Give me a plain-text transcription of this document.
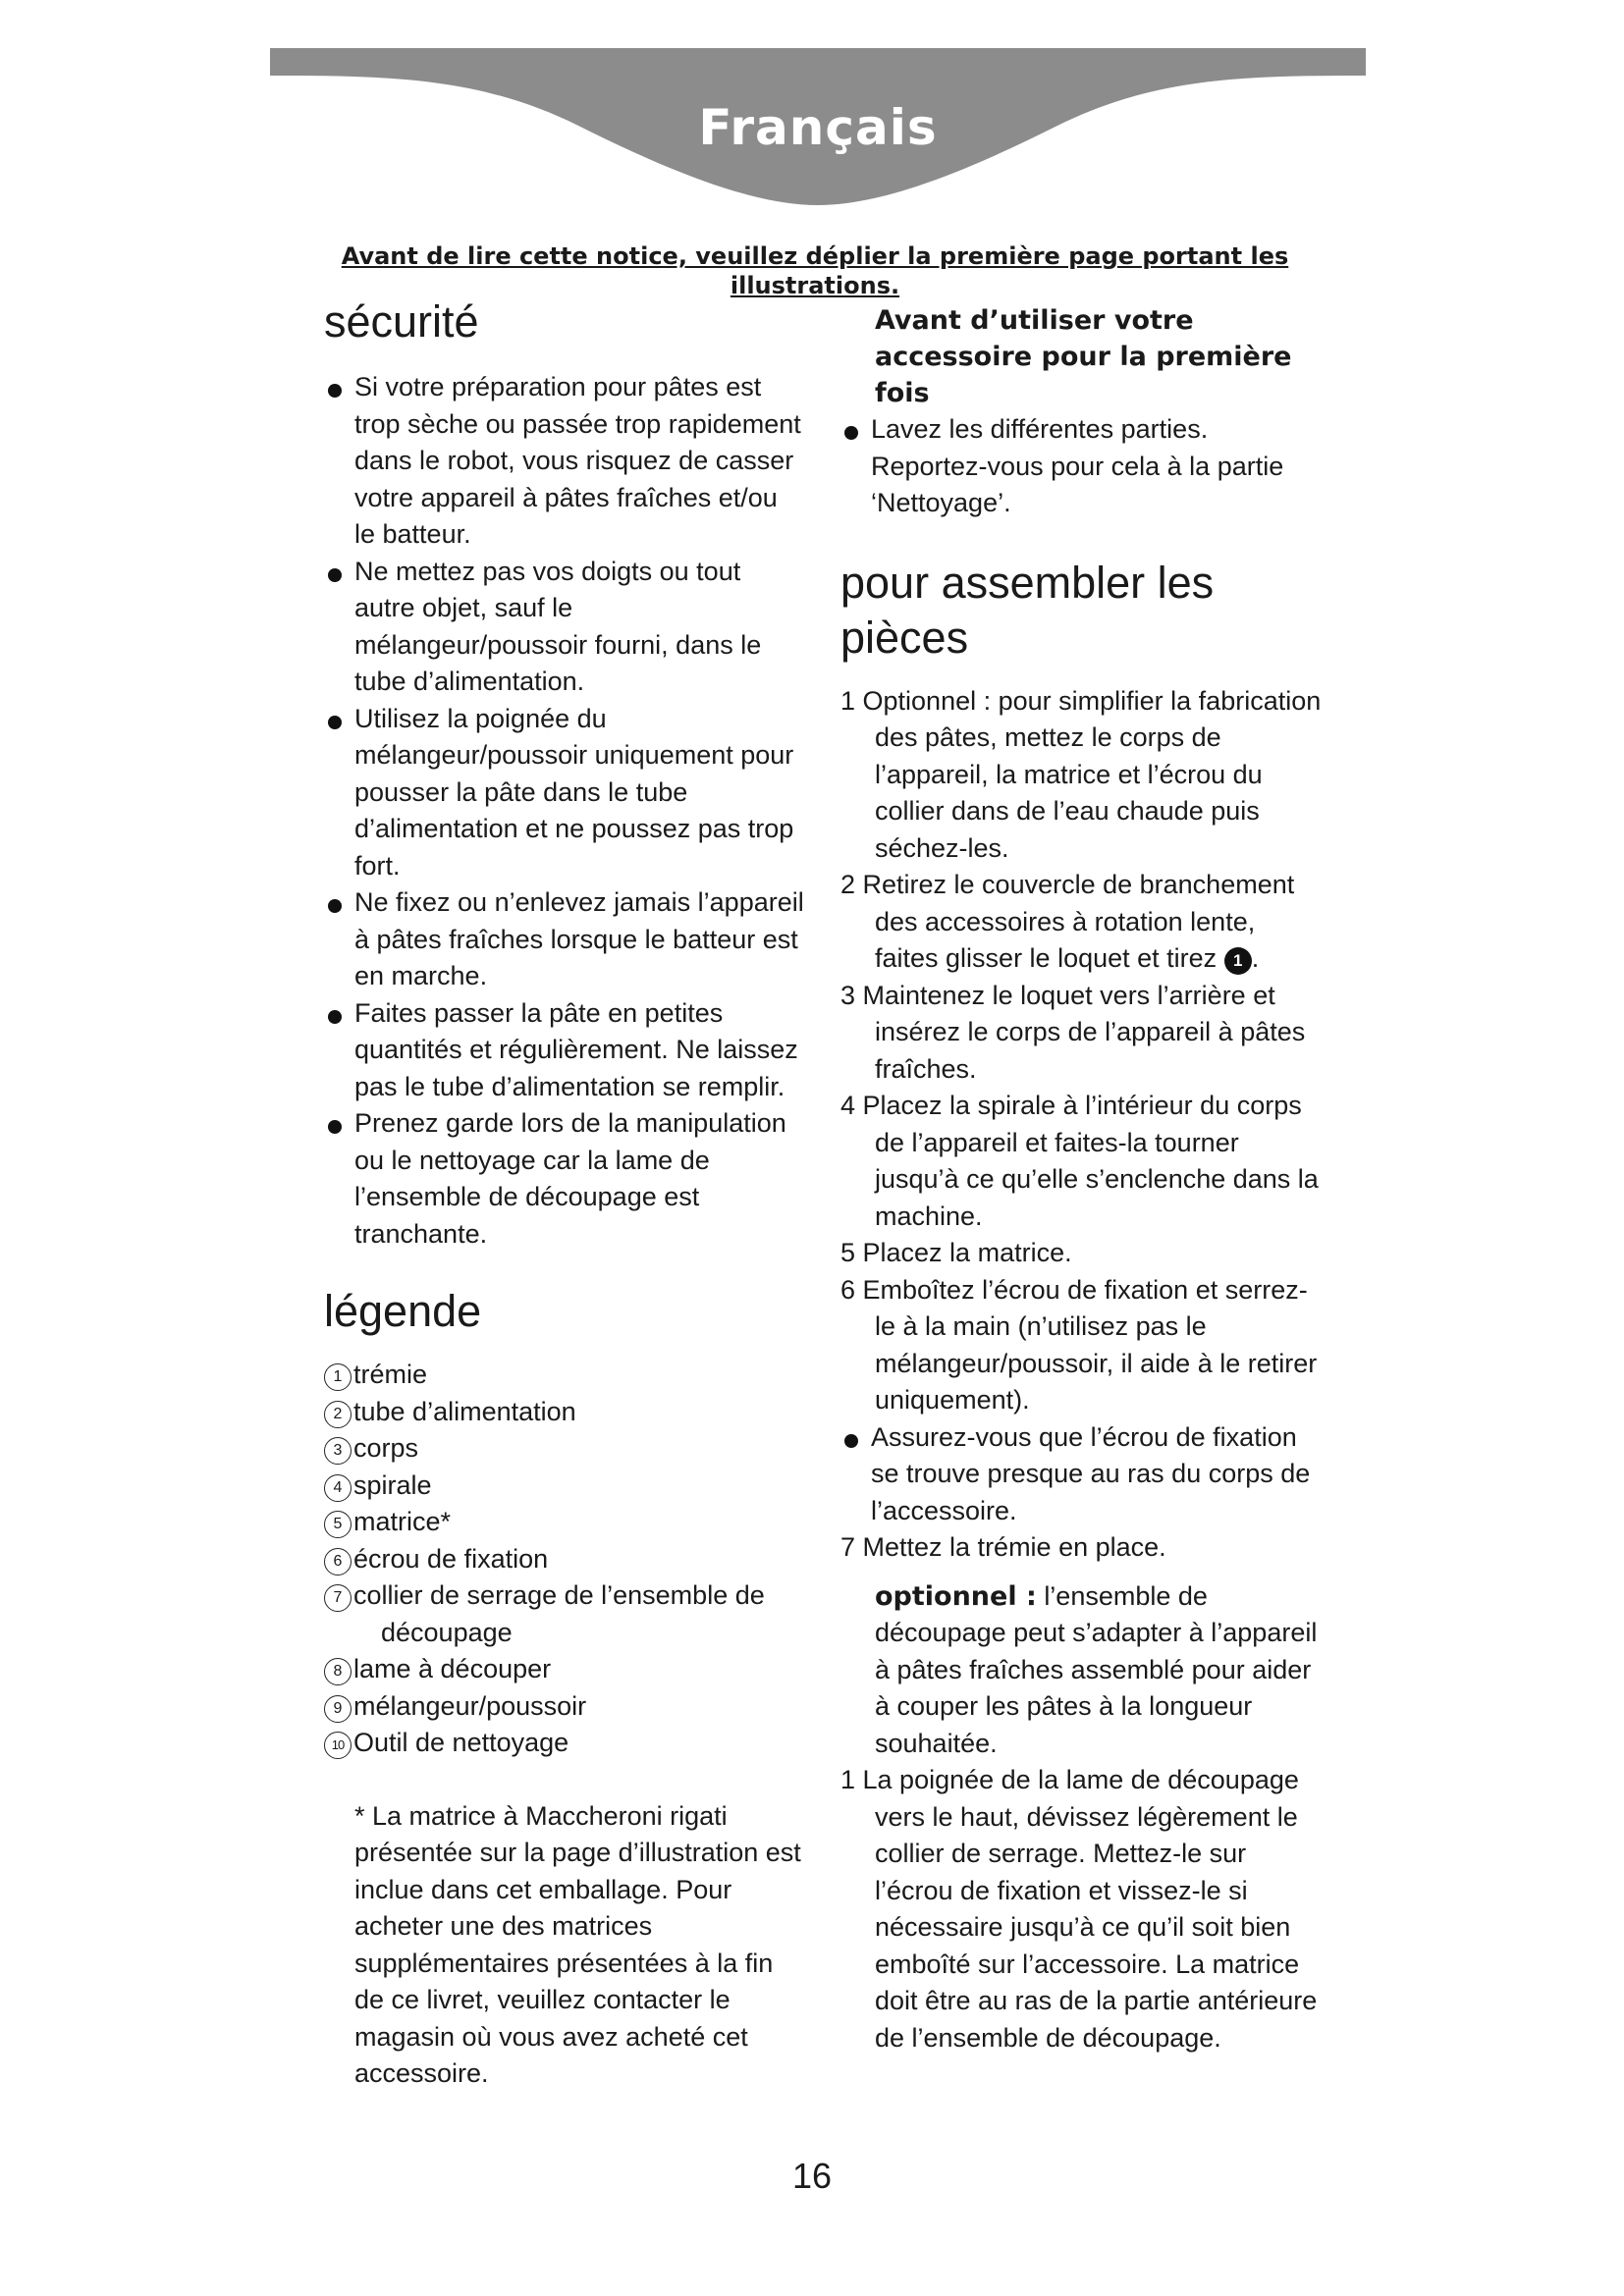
Français
Avant de lire cette notice, veuillez déplier la première page portant les illustrations.
sécurité
Si votre préparation pour pâtes est trop sèche ou passée trop rapidement dans le robot, vous risquez de casser votre appareil à pâtes fraîches et/ou le batteur.
Ne mettez pas vos doigts ou tout autre objet, sauf le mélangeur/poussoir fourni, dans le tube d’alimentation.
Utilisez la poignée du mélangeur/poussoir uniquement pour pousser la pâte dans le tube d’alimentation et ne poussez pas trop fort.
Ne fixez ou n’enlevez jamais l’appareil à pâtes fraîches lorsque le batteur est en marche.
Faites passer la pâte en petites quantités et régulièrement. Ne laissez pas le tube d’alimentation se remplir.
Prenez garde lors de la manipulation ou le nettoyage car la lame de l’ensemble de découpage est tranchante.
légende
1 trémie
2 tube d’alimentation
3 corps
4 spirale
5 matrice*
6 écrou de fixation
7 collier de serrage de l’ensemble de découpage
8 lame à découper
9 mélangeur/poussoir
10 Outil de nettoyage

* La matrice à Maccheroni rigati présentée sur la page d’illustration est inclue dans cet emballage. Pour acheter une des matrices supplémentaires présentées à la fin de ce livret, veuillez contacter le magasin où vous avez acheté cet accessoire.

Avant d’utiliser votre accessoire pour la première fois

Lavez les différentes parties. Reportez-vous pour cela à la partie ‘Nettoyage’.
pour assembler les pièces
1 Optionnel : pour simplifier la fabrication des pâtes, mettez le corps de l’appareil, la matrice et l’écrou du collier dans de l’eau chaude puis séchez-les.
2 Retirez le couvercle de branchement des accessoires à rotation lente, faites glisser le loquet et tirez 1 .
3 Maintenez le loquet vers l’arrière et insérez le corps de l’appareil à pâtes fraîches.
4 Placez la spirale à l’intérieur du corps de l’appareil et faites-la tourner jusqu’à ce qu’elle s’enclenche dans la machine.
5 Placez la matrice.
6 Emboîtez l’écrou de fixation et serrez-le à la main (n’utilisez pas le mélangeur/poussoir, il aide à le retirer uniquement).
Assurez-vous que l’écrou de fixation se trouve presque au ras du corps de l’accessoire.
7 Mettez la trémie en place.

optionnel : l’ensemble de découpage peut s’adapter à l’appareil à pâtes fraîches assemblé pour aider à couper les pâtes à la longueur souhaitée.

1 La poignée de la lame de découpage vers le haut, dévissez légèrement le collier de serrage. Mettez-le sur l’écrou de fixation et vissez-le si nécessaire jusqu’à ce qu’il soit bien emboîté sur l’accessoire. La matrice doit être au ras de la partie antérieure de l’ensemble de découpage.
16
